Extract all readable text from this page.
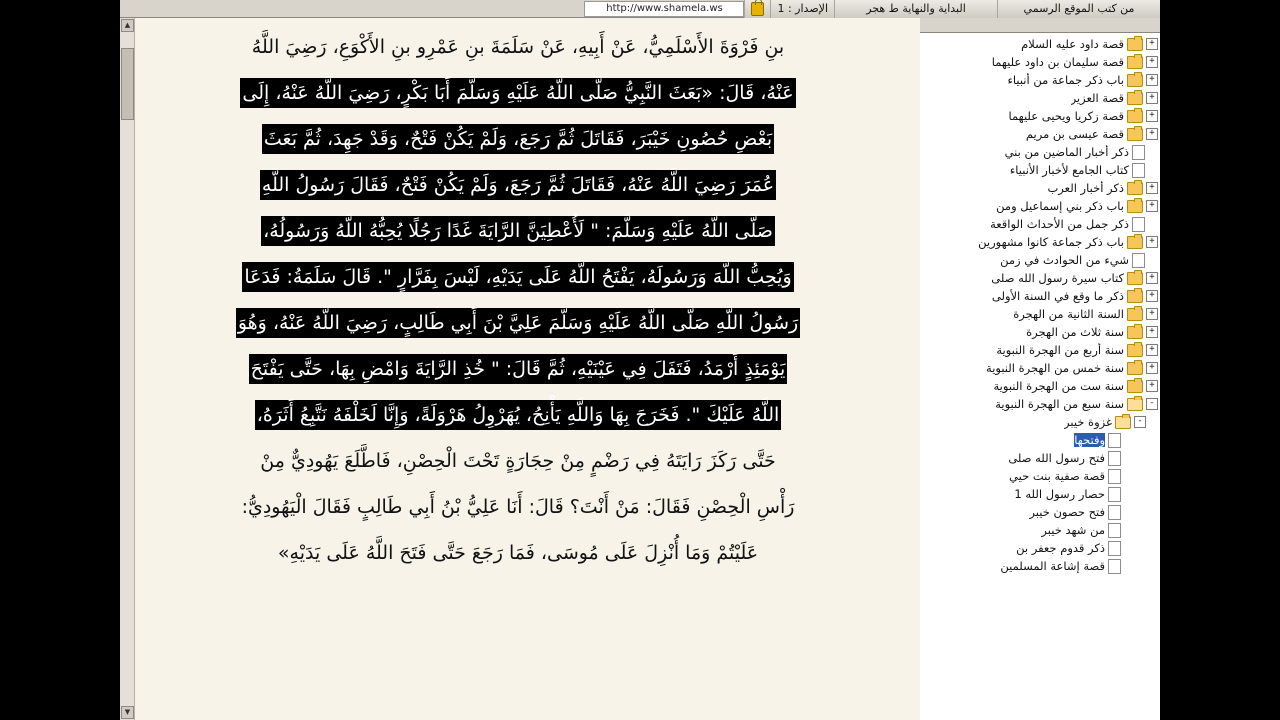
من كتب الموقع الرسمي
البداية والنهاية ط هجر
الإصدار : 1
http://www.shamela.ws
+
قصة داود عليه السلام
+
قصة سليمان بن داود عليهما
+
باب ذكر جماعة من أنبياء
+
قصة العزير
+
قصة زكريا ويحيى عليهما
+
قصة عيسى بن مريم
ذكر أخبار الماضين من بني
كتاب الجامع لأخبار الأنبياء
+
ذكر أخبار العرب
+
باب ذكر بني إسماعيل ومن
ذكر جمل من الأحداث الواقعة
+
باب ذكر جماعة كانوا مشهورين
شيء من الحوادث في زمن
+
كتاب سيرة رسول الله صلى
+
ذكر ما وقع في السنة الأولى
+
السنة الثانية من الهجرة
+
سنة ثلاث من الهجرة
+
سنة أربع من الهجرة النبوية
+
سنة خمس من الهجرة النبوية
+
سنة ست من الهجرة النبوية
-
سنة سبع من الهجرة النبوية
-
غزوة خيبر
وفتحها
فتح رسول الله صلى
قصة صفية بنت حيي
حصار رسول الله 1
فتح حصون خيبر
من شهد خيبر
ذكر قدوم جعفر بن
قصة إشاعة المسلمين
بنِ فَرْوَةَ الأَسْلَمِيُّ، عَنْ أَبِيهِ، عَنْ سَلَمَةَ بنِ عَمْرِو بنِ الأَكْوَعِ، رَضِيَ اللَّهُ
عَنْهُ، قَالَ: «بَعَثَ النَّبِيُّ صَلَّى اللَّهُ عَلَيْهِ وَسَلَّمَ أَبَا بَكْرٍ، رَضِيَ اللَّهُ عَنْهُ، إِلَى
بَعْضِ حُصُونِ خَيْبَرَ، فَقَاتَلَ ثُمَّ رَجَعَ، وَلَمْ يَكُنْ فَتْحٌ، وَقَدْ جَهِدَ، ثُمَّ بَعَثَ
عُمَرَ رَضِيَ اللَّهُ عَنْهُ، فَقَاتَلَ ثُمَّ رَجَعَ، وَلَمْ يَكُنْ فَتْحٌ، فَقَالَ رَسُولُ اللَّهِ
صَلَّى اللَّهُ عَلَيْهِ وَسَلَّمَ: " لَأُعْطِيَنَّ الرَّايَةَ غَدًا رَجُلًا يُحِبُّهُ اللَّهُ وَرَسُولُهُ،
وَيُحِبُّ اللَّهَ وَرَسُولَهُ، يَفْتَحُ اللَّهُ عَلَى يَدَيْهِ، لَيْسَ بِفَرَّارٍ ". قَالَ سَلَمَةُ: فَدَعَا
رَسُولُ اللَّهِ صَلَّى اللَّهُ عَلَيْهِ وَسَلَّمَ عَلِيَّ بْنَ أَبِي طَالِبٍ، رَضِيَ اللَّهُ عَنْهُ، وَهُوَ
يَوْمَئِذٍ أَرْمَدُ، فَتَفَلَ فِي عَيْنَيْهِ، ثُمَّ قَالَ: " خُذِ الرَّايَةَ وَامْضِ بِهَا، حَتَّى يَفْتَحَ
اللَّهُ عَلَيْكَ ". فَخَرَجَ بِهَا وَاللَّهِ يَأْنِحُ، يُهَرْوِلُ هَرْوَلَةً، وَإِنَّا لَخَلْفَهُ نَتَّبِعُ أَثَرَهُ،
حَتَّى رَكَزَ رَايَتَهُ فِي رَضْمٍ مِنْ حِجَارَةٍ تَحْتَ الْحِصْنِ، فَاطَّلَعَ يَهُودِيٌّ مِنْ
رَأْسِ الْحِصْنِ فَقَالَ: مَنْ أَنْتَ؟ قَالَ: أَنَا عَلِيُّ بْنُ أَبِي طَالِبٍ فَقَالَ الْيَهُودِيُّ:
عَلَيْتُمْ وَمَا أُنْزِلَ عَلَى مُوسَى، فَمَا رَجَعَ حَتَّى فَتَحَ اللَّهُ عَلَى يَدَيْهِ»
▲
▼
